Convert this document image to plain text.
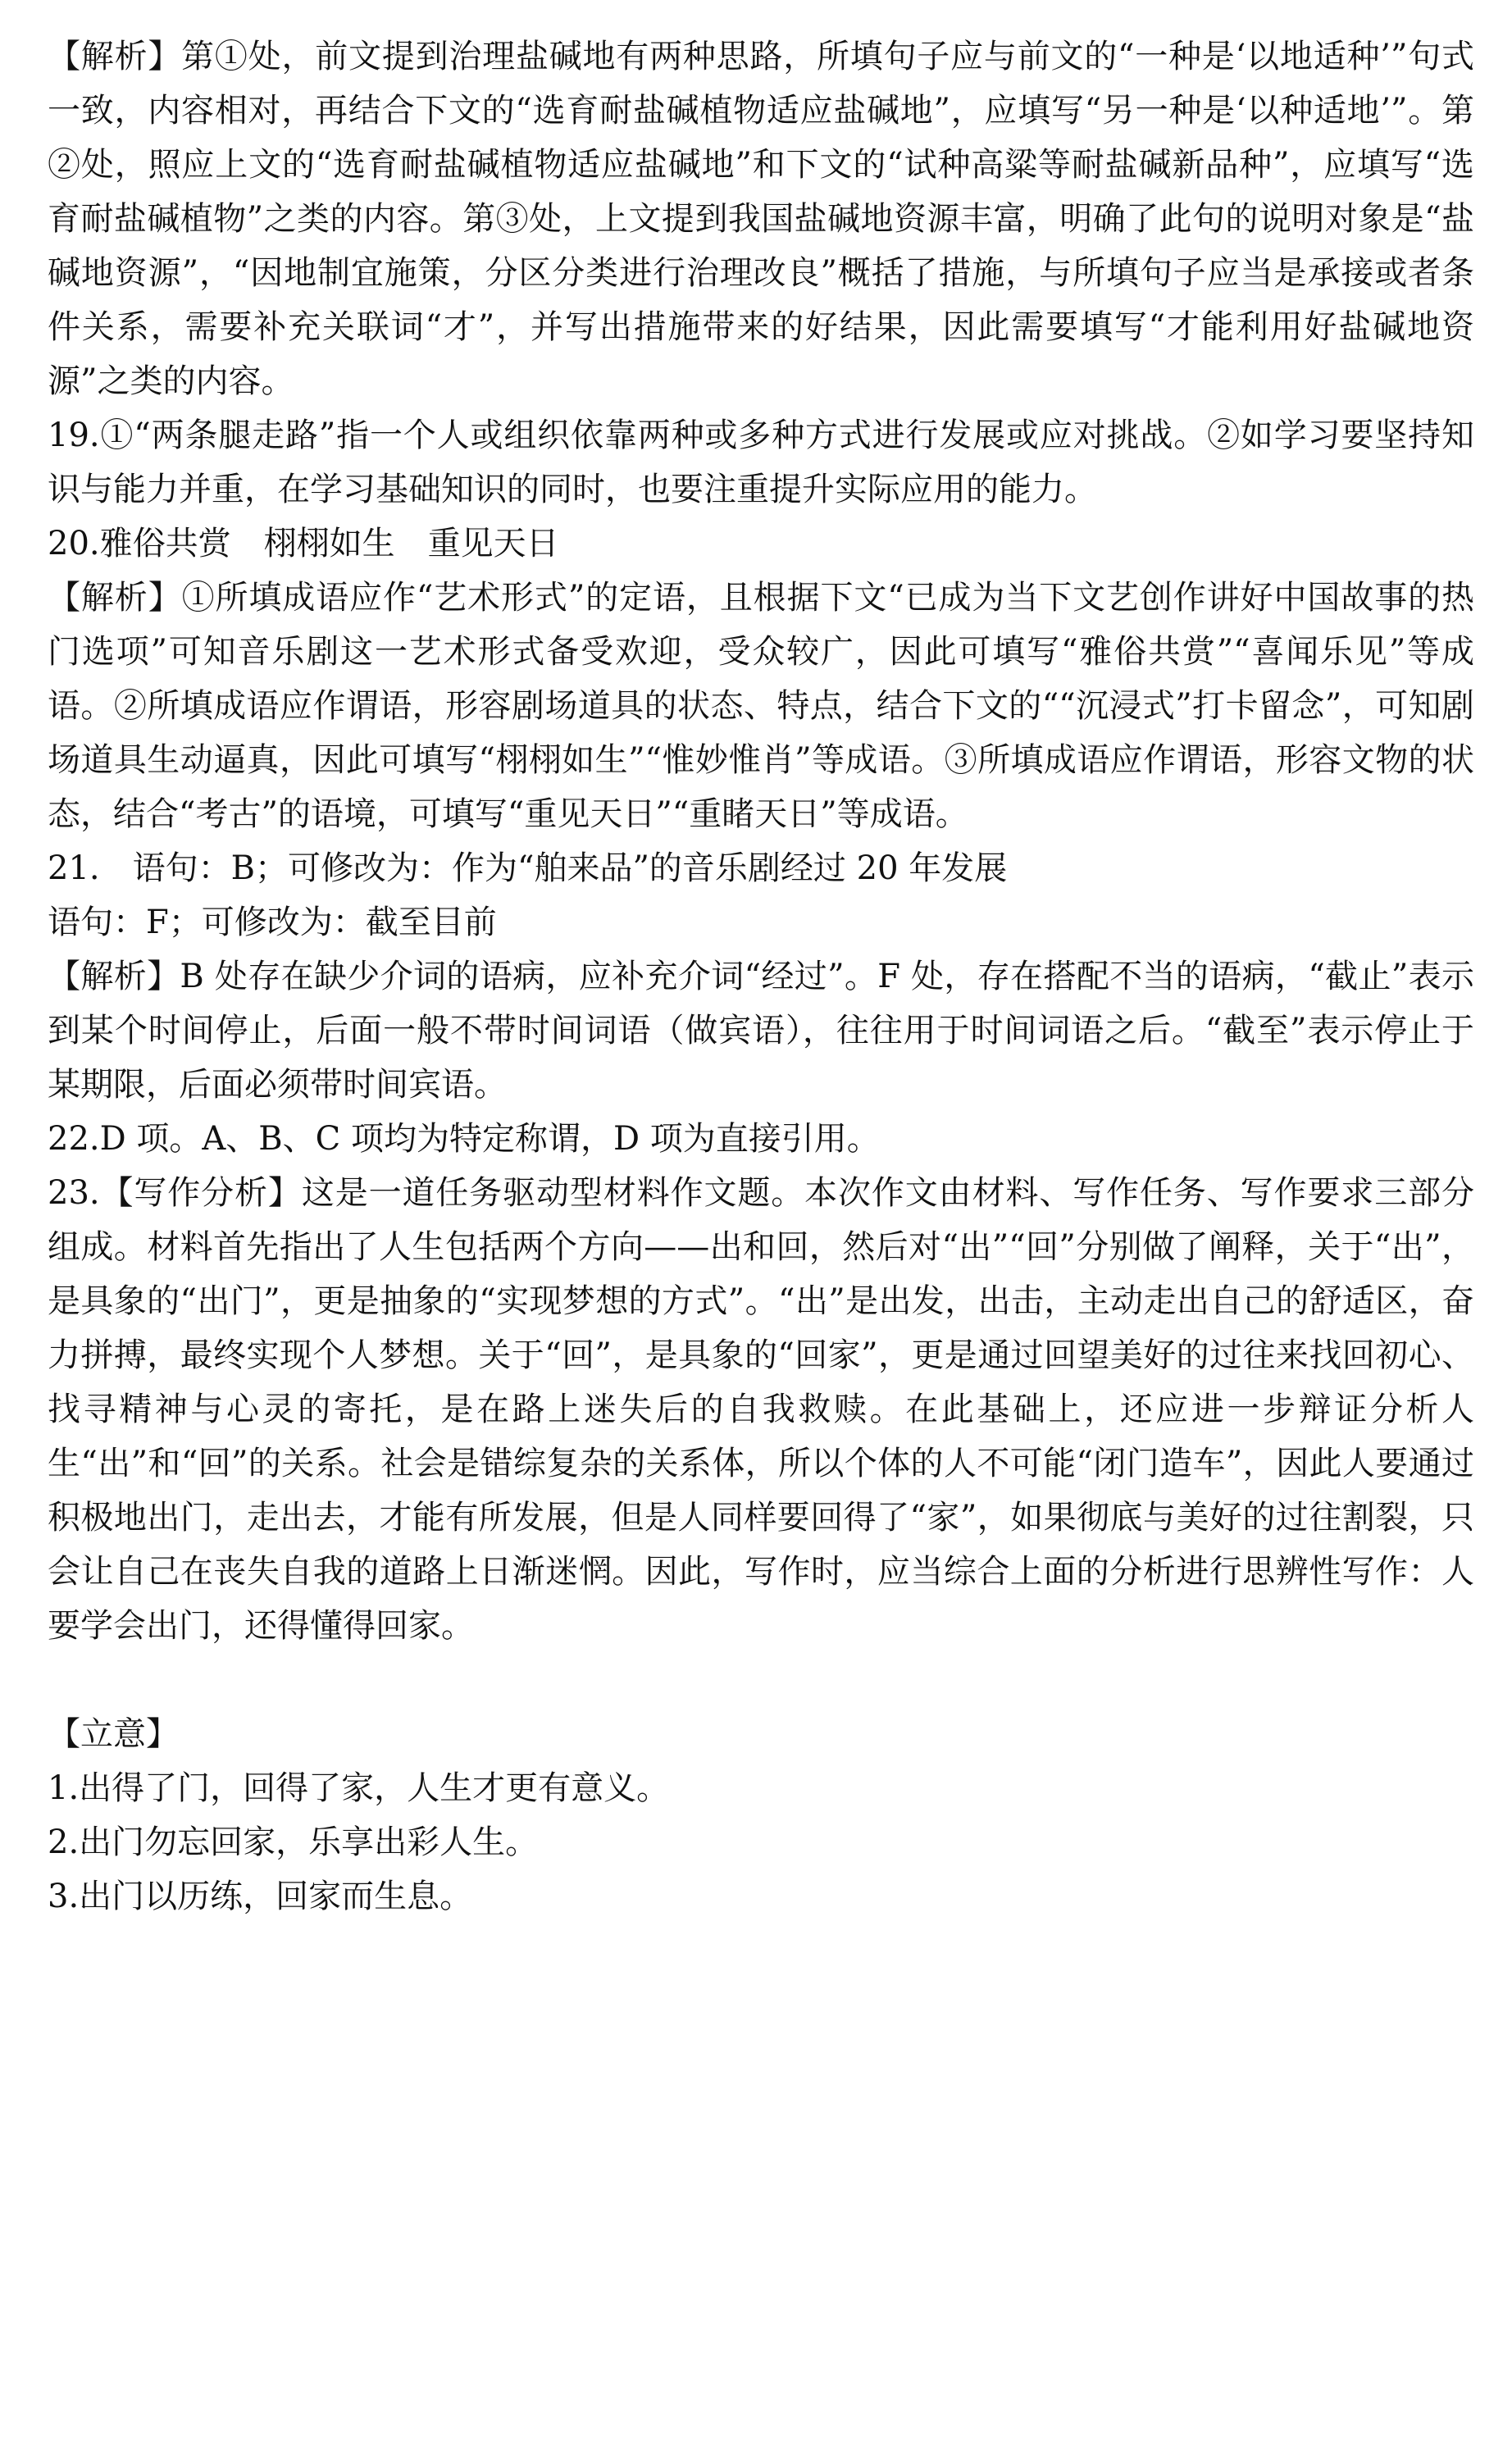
【解析】第①处，前文提到治理盐碱地有两种思路，所填句子应与前文的“一种是‘以地适种’”句式一致，内容相对，再结合下文的“选育耐盐碱植物适应盐碱地”，应填写“另一种是‘以种适地’”。第②处，照应上文的“选育耐盐碱植物适应盐碱地”和下文的“试种高粱等耐盐碱新品种”，应填写“选育耐盐碱植物”之类的内容。第③处，上文提到我国盐碱地资源丰富，明确了此句的说明对象是“盐碱地资源”，“因地制宜施策，分区分类进行治理改良”概括了措施，与所填句子应当是承接或者条件关系，需要补充关联词“才”，并写出措施带来的好结果，因此需要填写“才能利用好盐碱地资源”之类的内容。

19.①“两条腿走路”指一个人或组织依靠两种或多种方式进行发展或应对挑战。②如学习要坚持知识与能力并重，在学习基础知识的同时，也要注重提升实际应用的能力。

20.雅俗共赏　栩栩如生　重见天日

【解析】①所填成语应作“艺术形式”的定语，且根据下文“已成为当下文艺创作讲好中国故事的热门选项”可知音乐剧这一艺术形式备受欢迎，受众较广，因此可填写“雅俗共赏”“喜闻乐见”等成语。②所填成语应作谓语，形容剧场道具的状态、特点，结合下文的““沉浸式”打卡留念”，可知剧场道具生动逼真，因此可填写“栩栩如生”“惟妙惟肖”等成语。③所填成语应作谓语，形容文物的状态，结合“考古”的语境，可填写“重见天日”“重睹天日”等成语。

21.　语句：B；可修改为：作为“舶来品”的音乐剧经过 20 年发展

语句：F；可修改为：截至目前

【解析】B 处存在缺少介词的语病，应补充介词“经过”。F 处，存在搭配不当的语病，“截止”表示到某个时间停止，后面一般不带时间词语（做宾语），往往用于时间词语之后。“截至”表示停止于某期限，后面必须带时间宾语。

22.D 项。A、B、C 项均为特定称谓，D 项为直接引用。

23.【写作分析】这是一道任务驱动型材料作文题。本次作文由材料、写作任务、写作要求三部分组成。材料首先指出了人生包括两个方向——出和回，然后对“出”“回”分别做了阐释，关于“出”，是具象的“出门”，更是抽象的“实现梦想的方式”。“出”是出发，出击，主动走出自己的舒适区，奋力拼搏，最终实现个人梦想。关于“回”，是具象的“回家”，更是通过回望美好的过往来找回初心、找寻精神与心灵的寄托，是在路上迷失后的自我救赎。在此基础上，还应进一步辩证分析人生“出”和“回”的关系。社会是错综复杂的关系体，所以个体的人不可能“闭门造车”，因此人要通过积极地出门，走出去，才能有所发展，但是人同样要回得了“家”，如果彻底与美好的过往割裂，只会让自己在丧失自我的道路上日渐迷惘。因此，写作时，应当综合上面的分析进行思辨性写作：人要学会出门，还得懂得回家。

【立意】

1.出得了门，回得了家，人生才更有意义。

2.出门勿忘回家，乐享出彩人生。

3.出门以历练，回家而生息。
